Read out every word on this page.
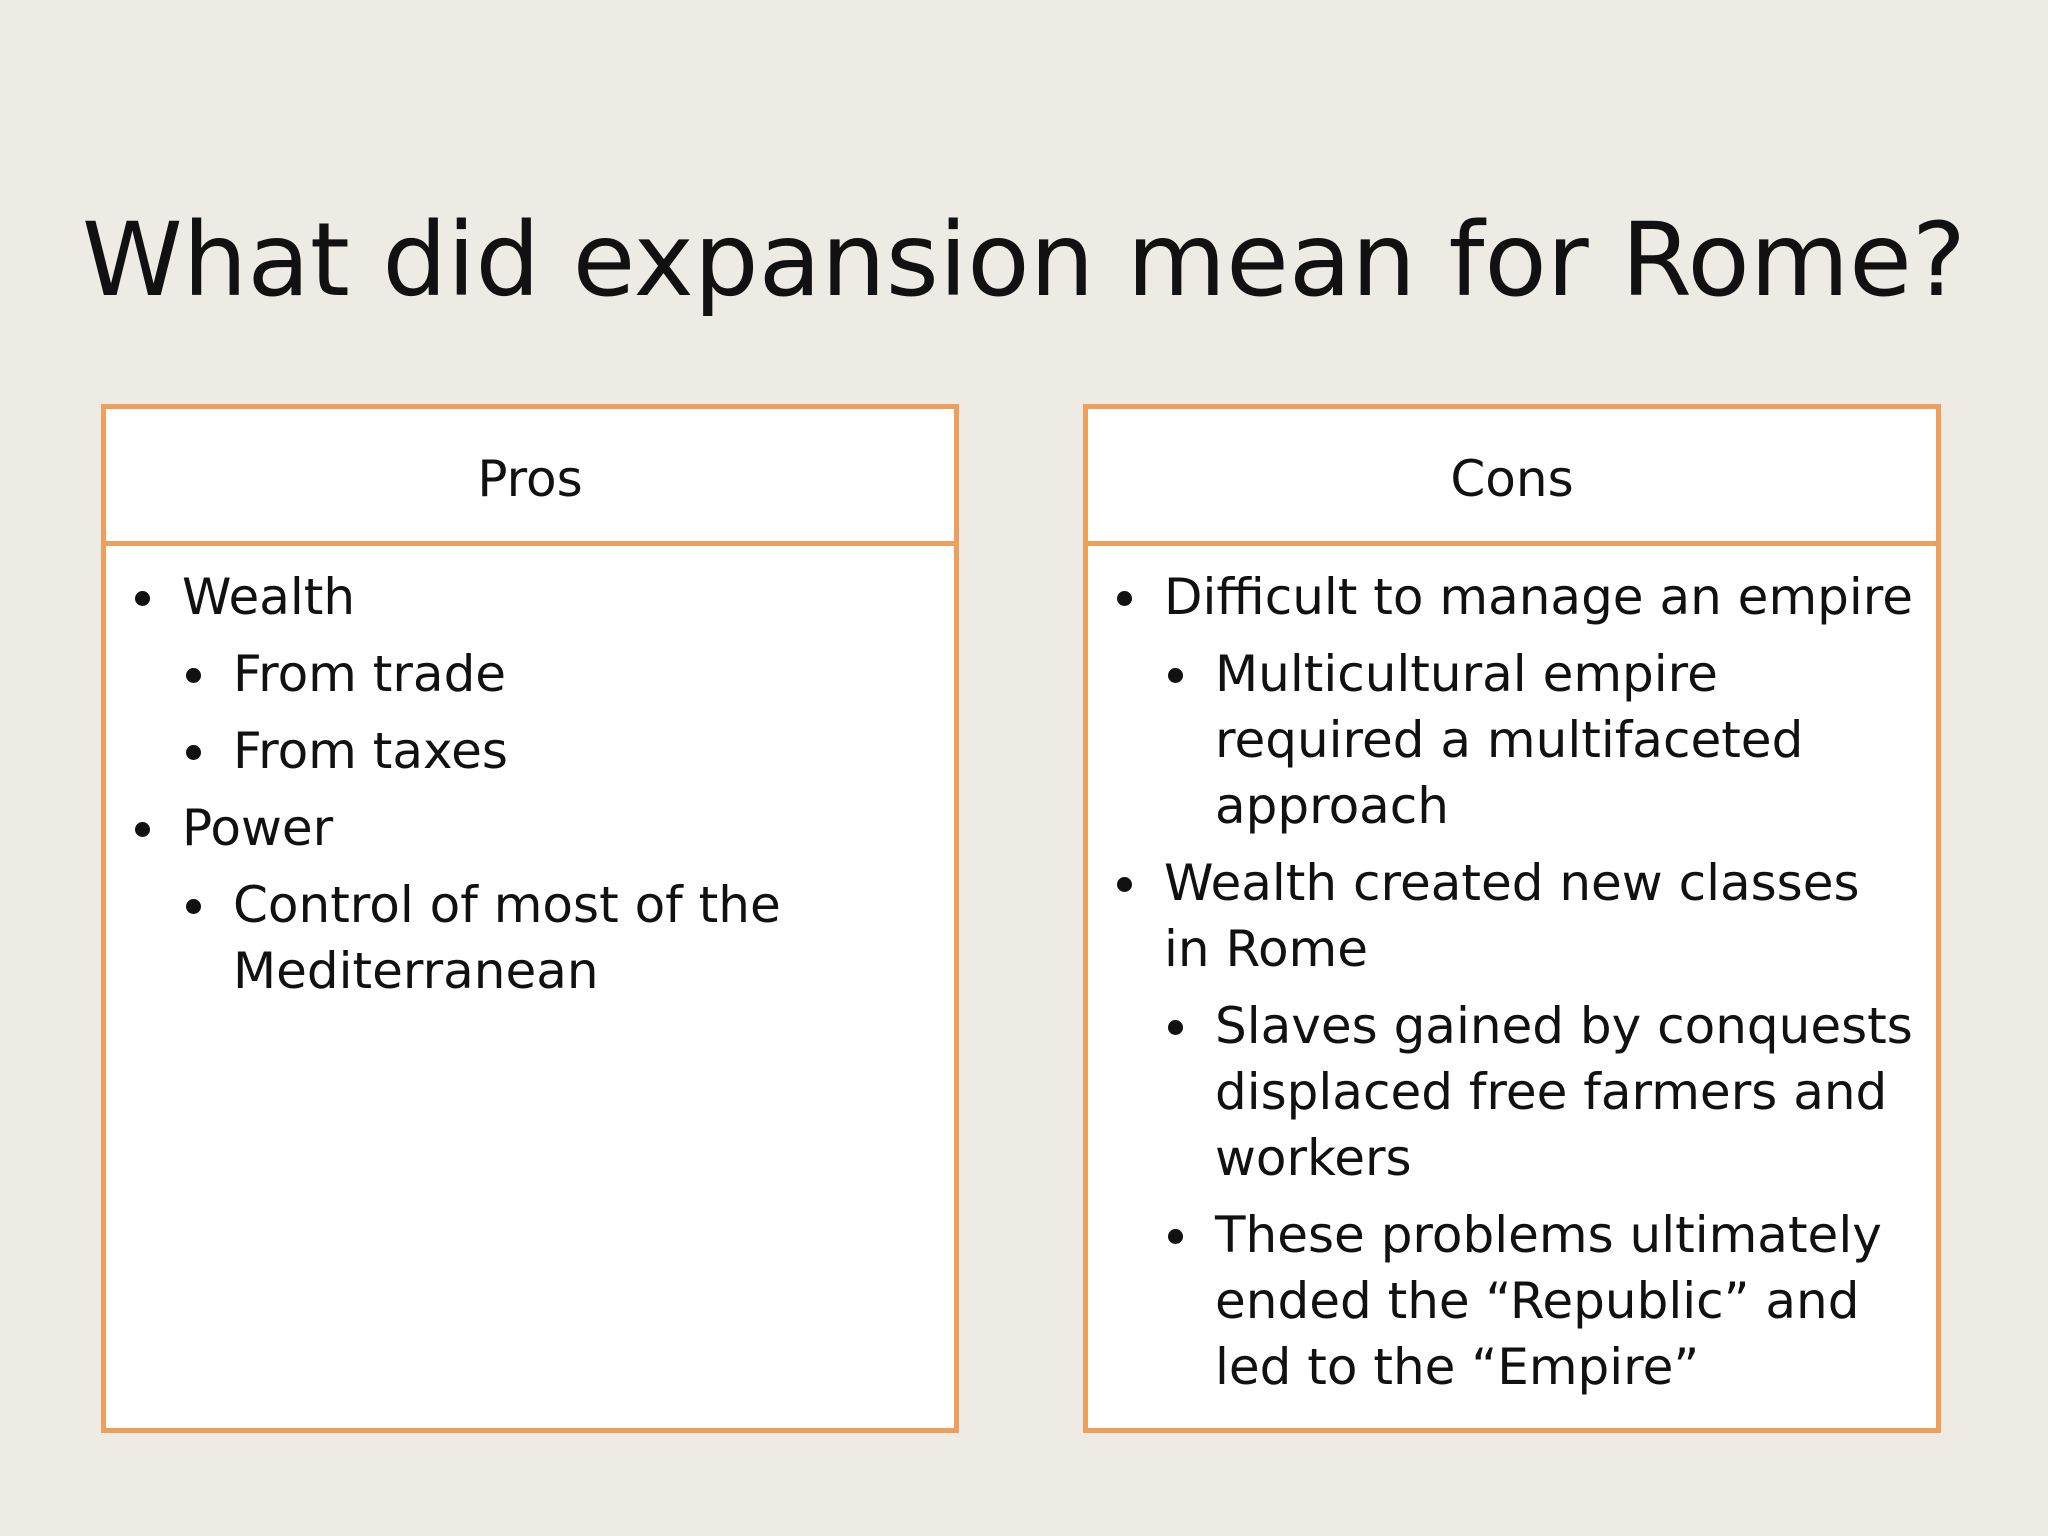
What did expansion mean for Rome?
Pros
Wealth
From trade
From taxes
Power
Control of most of the Mediterranean
Cons
Difficult to manage an empire
Multicultural empire required a multifaceted approach
Wealth created new classes in Rome
Slaves gained by conquests displaced free farmers and workers
These problems ultimately ended the “Republic” and led to the “Empire”
